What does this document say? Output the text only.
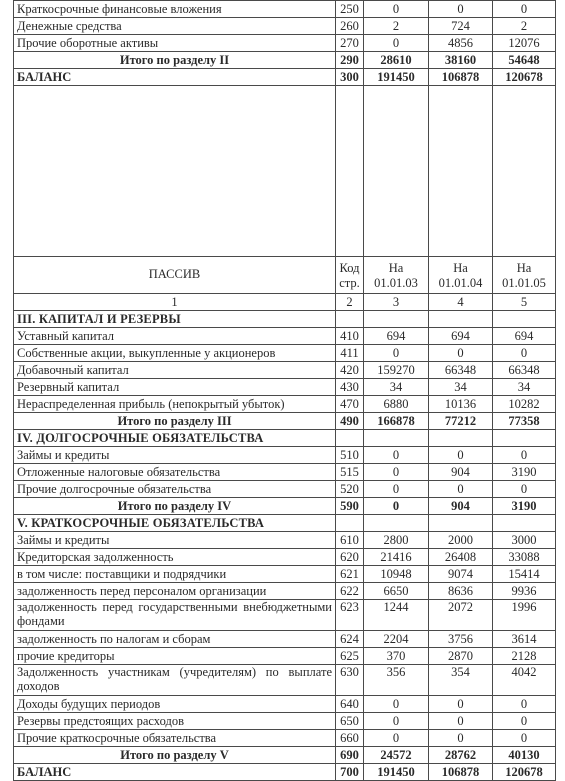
Краткосрочные финансовые вложения	250	0	0	0
Денежные средства	260	2	724	2
Прочие оборотные активы	270	0	4856	12076
Итого по разделу II	290	28610	38160	54648
БАЛАНС	300	191450	106878	120678

ПАССИВ	Код стр.	На 01.01.03	На 01.01.04	На 01.01.05
1	2	3	4	5
III. КАПИТАЛ И РЕЗЕРВЫ				
Уставный капитал	410	694	694	694
Собственные акции, выкупленные у акционеров	411	0	0	0
Добавочный капитал	420	159270	66348	66348
Резервный капитал	430	34	34	34
Нераспределенная прибыль (непокрытый убыток)	470	6880	10136	10282
Итого по разделу III	490	166878	77212	77358
IV. ДОЛГОСРОЧНЫЕ ОБЯЗАТЕЛЬСТВА				
Займы и кредиты	510	0	0	0
Отложенные налоговые обязательства	515	0	904	3190
Прочие долгосрочные обязательства	520	0	0	0
Итого по разделу IV	590	0	904	3190
V. КРАТКОСРОЧНЫЕ ОБЯЗАТЕЛЬСТВА				
Займы и кредиты	610	2800	2000	3000
Кредиторская задолженность	620	21416	26408	33088
в том числе: поставщики и подрядчики	621	10948	9074	15414
задолженность перед персоналом организации	622	6650	8636	9936
задолженность перед государственными внебюджетными фондами	623	1244	2072	1996
задолженность по налогам и сборам	624	2204	3756	3614
прочие кредиторы	625	370	2870	2128
Задолженность участникам (учредителям) по выплате доходов	630	356	354	4042
Доходы будущих периодов	640	0	0	0
Резервы предстоящих расходов	650	0	0	0
Прочие краткосрочные обязательства	660	0	0	0
Итого по разделу V	690	24572	28762	40130
БАЛАНС	700	191450	106878	120678
